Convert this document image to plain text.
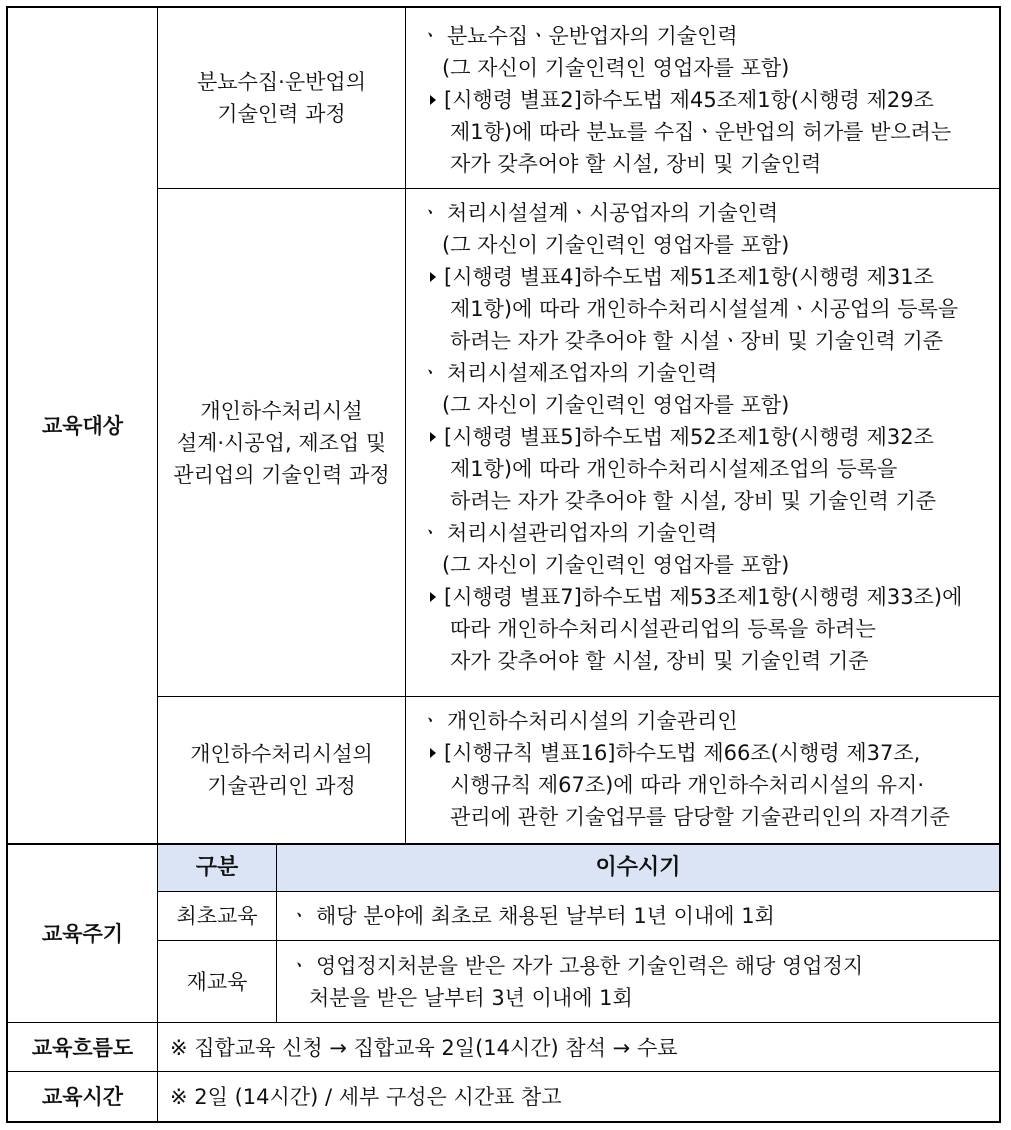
교육대상
교육주기
교육흐름도
교육시간
분뇨수집·운반업의
기술인력 과정
개인하수처리시설
설계·시공업, 제조업 및
관리업의 기술인력 과정
개인하수처리시설의
기술관리인 과정
ㆍ 분뇨수집ㆍ운반업자의 기술인력
(그 자신이 기술인력인 영업자를 포함)
[시행령 별표2]하수도법 제45조제1항(시행령 제29조
제1항)에 따라 분뇨를 수집ㆍ운반업의 허가를 받으려는
자가 갖추어야 할 시설, 장비 및 기술인력
ㆍ 처리시설설계ㆍ시공업자의 기술인력
(그 자신이 기술인력인 영업자를 포함)
[시행령 별표4]하수도법 제51조제1항(시행령 제31조
제1항)에 따라 개인하수처리시설설계ㆍ시공업의 등록을
하려는 자가 갖추어야 할 시설ㆍ장비 및 기술인력 기준
ㆍ 처리시설제조업자의 기술인력
(그 자신이 기술인력인 영업자를 포함)
[시행령 별표5]하수도법 제52조제1항(시행령 제32조
제1항)에 따라 개인하수처리시설제조업의 등록을
하려는 자가 갖추어야 할 시설, 장비 및 기술인력 기준
ㆍ 처리시설관리업자의 기술인력
(그 자신이 기술인력인 영업자를 포함)
[시행령 별표7]하수도법 제53조제1항(시행령 제33조)에
따라 개인하수처리시설관리업의 등록을 하려는
자가 갖추어야 할 시설, 장비 및 기술인력 기준
ㆍ 개인하수처리시설의 기술관리인
[시행규칙 별표16]하수도법 제66조(시행령 제37조,
시행규칙 제67조)에 따라 개인하수처리시설의 유지·
관리에 관한 기술업무를 담당할 기술관리인의 자격기준
구분	이수시기
최초교육	ㆍ 해당 분야에 최초로 채용된 날부터 1년 이내에 1회
재교육
ㆍ 영업정지처분을 받은 자가 고용한 기술인력은 해당 영업정지
처분을 받은 날부터 3년 이내에 1회
※ 집합교육 신청 → 집합교육 2일(14시간) 참석 → 수료
※ 2일 (14시간) / 세부 구성은 시간표 참고
